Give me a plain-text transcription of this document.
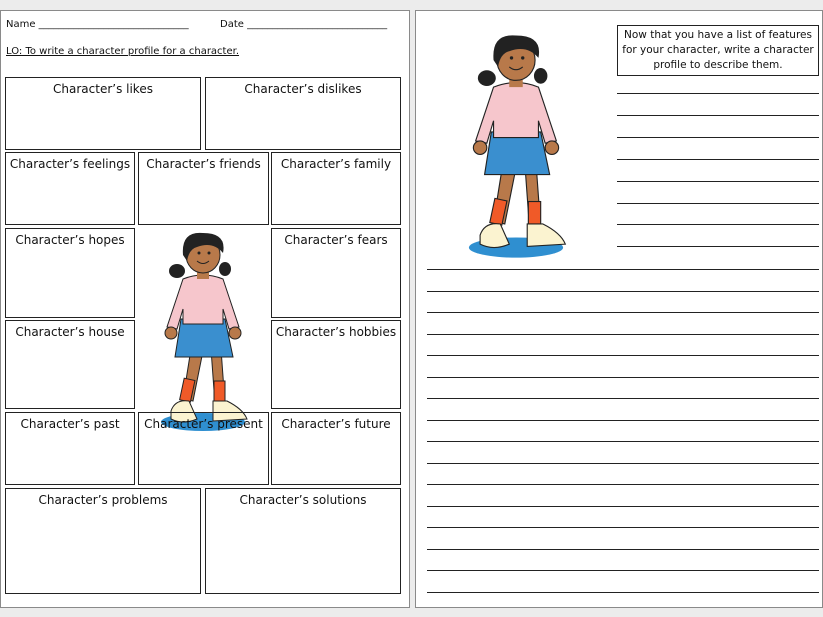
Name ______________________________	Date ____________________________
LO: To write a character profile for a character.
Character’s likes	Character’s dislikes
Character’s feelings	Character’s friends	Character’s family
Character’s hopes	Character’s fears
Character’s house	Character’s hobbies
Character’s past	Character’s present	Character’s future
Character’s problems	Character’s solutions
Now that you have a list of features for your character, write a character profile to describe them.
